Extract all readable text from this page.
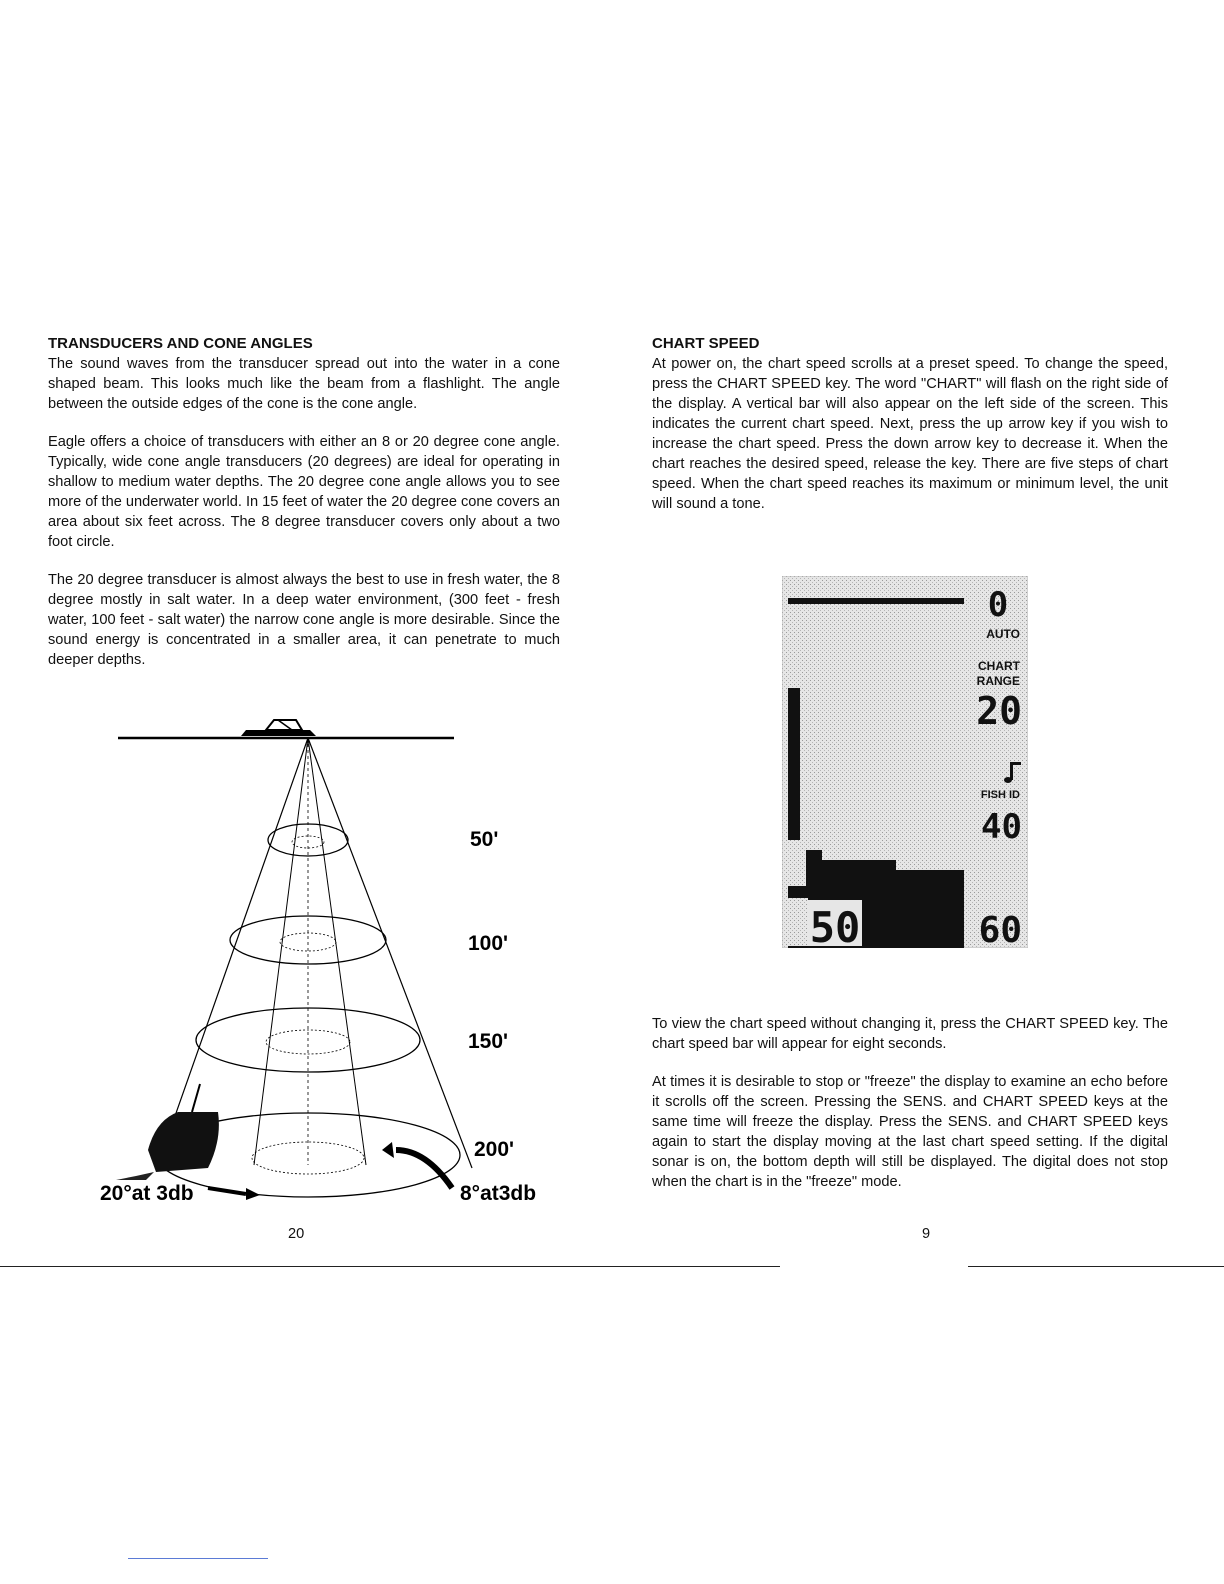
TRANSDUCERS AND CONE ANGLES

The sound waves from the transducer spread out into the water in a cone shaped beam. This looks much like the beam from a flashlight. The angle between the outside edges of the cone is the cone angle.

Eagle offers a choice of transducers with either an 8 or 20 degree cone angle. Typically, wide cone angle transducers (20 degrees) are ideal for operating in shallow to medium water depths. The 20 degree cone angle allows you to see more of the underwater world. In 15 feet of water the 20 degree cone covers an area about six feet across. The 8 degree transducer covers only about a two foot circle.

The 20 degree transducer is almost always the best to use in fresh water, the 8 degree mostly in salt water. In a deep water environment, (300 feet - fresh water, 100 feet - salt water) the narrow cone angle is more desirable. Since the sound energy is concentrated in a smaller area, it can penetrate to much deeper depths.

50'
100'
150'
200'
20°at 3db	8°at3db
20
CHART SPEED

At power on, the chart speed scrolls at a preset speed. To change the speed, press the CHART SPEED key. The word "CHART" will flash on the right side of the display. A vertical bar will also appear on the left side of the screen. This indicates the current chart speed. Next, press the up arrow key if you wish to increase the chart speed. Press the down arrow key to decrease it. When the chart reaches the desired speed, release the key. There are five steps of chart speed. When the chart speed reaches its maximum or minimum level, the unit will sound a tone.

0
AUTO
CHART
RANGE
20
FISH ID
40
50	60

To view the chart speed without changing it, press the CHART SPEED key. The chart speed bar will appear for eight seconds.

At times it is desirable to stop or "freeze" the display to examine an echo before it scrolls off the screen. Pressing the SENS. and CHART SPEED keys at the same time will freeze the display. Press the SENS. and CHART SPEED keys again to start the display moving at the last chart speed setting. If the digital sonar is on, the bottom depth will still be displayed. The digital does not stop when the chart is in the "freeze" mode.

9
